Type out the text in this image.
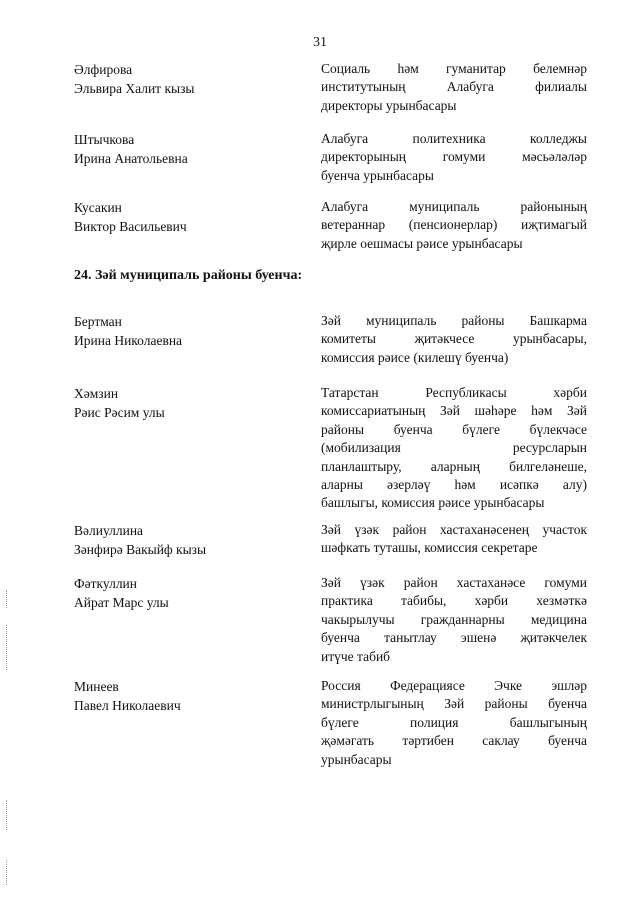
31
Әлфирова
Эльвира Халит кызы
Социаль һәм гуманитар белемнәр
институтының Алабуга филиалы
директоры урынбасары
Штычкова
Ирина Анатольевна
Алабуга политехника колледжы
директорының гомуми мәсьәләләр
буенча урынбасары
Кусакин
Виктор Васильевич
Алабуга муниципаль районының
ветераннар (пенсионерлар) иҗтимагый
җирле оешмасы рәисе урынбасары
24. Зәй муниципаль районы буенча:
Бертман
Ирина Николаевна
Зәй муниципаль районы Башкарма
комитеты җитәкчесе урынбасары,
комиссия рәисе (килешү буенча)
Хәмзин
Рәис Рәсим улы
Татарстан Республикасы хәрби
комиссариатының Зәй шәһәре һәм Зәй
районы буенча бүлеге бүлекчәсе
(мобилизация ресурсларын
планлаштыру, аларның билгеләнеше,
аларны әзерләү һәм исәпкә алу)
башлыгы, комиссия рәисе урынбасары
Вәлиуллина
Зәнфирә Вакыйф кызы
Зәй үзәк район хастаханәсенең участок
шәфкать туташы, комиссия секретаре
Фәткуллин
Айрат Марс улы
Зәй үзәк район хастаханәсе гомуми
практика табибы, хәрби хезмәткә
чакырылучы гражданнарны медицина
буенча танытлау эшенә җитәкчелек
итүче табиб
Минеев
Павел Николаевич
Россия Федерациясе Эчке эшләр
министрлыгының Зәй районы буенча
бүлеге полиция башлыгының
җәмәгать тәртибен саклау буенча
урынбасары
